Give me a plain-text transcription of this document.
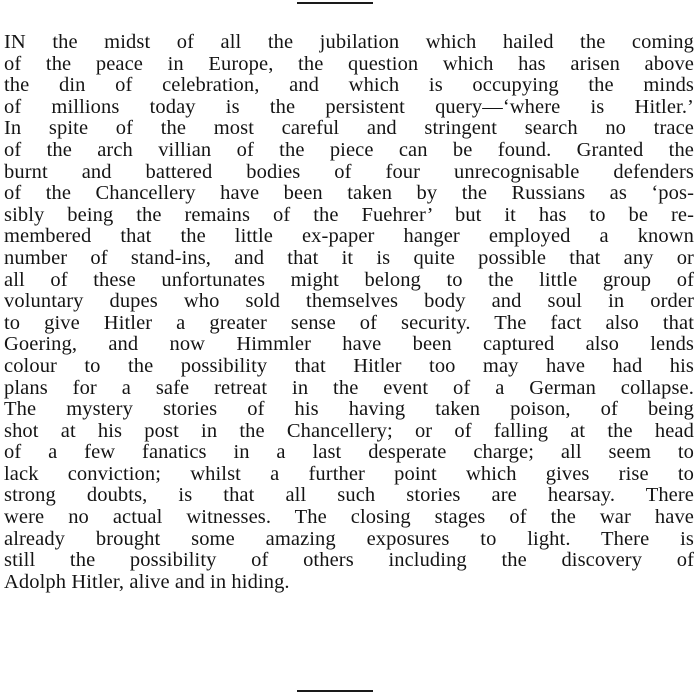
IN the midst of all the jubilation which hailed the coming
of the peace in Europe, the question which has arisen above
the din of celebration, and which is occupying the minds
of millions today is the persistent query—‘where is Hitler.’
In spite of the most careful and stringent search no trace
of the arch villian of the piece can be found. Granted the
burnt and battered bodies of four unrecognisable defenders
of the Chancellery have been taken by the Russians as ‘pos-
sibly being the remains of the Fuehrer’ but it has to be re-
membered that the little ex-paper hanger employed a known
number of stand-ins, and that it is quite possible that any or
all of these unfortunates might belong to the little group of
voluntary dupes who sold themselves body and soul in order
to give Hitler a greater sense of security. The fact also that
Goering, and now Himmler have been captured also lends
colour to the possibility that Hitler too may have had his
plans for a safe retreat in the event of a German collapse.
The mystery stories of his having taken poison, of being
shot at his post in the Chancellery; or of falling at the head
of a few fanatics in a last desperate charge; all seem to
lack conviction; whilst a further point which gives rise to
strong doubts, is that all such stories are hearsay. There
were no actual witnesses. The closing stages of the war have
already brought some amazing exposures to light. There is
still the possibility of others including the discovery of
Adolph Hitler, alive and in hiding.
